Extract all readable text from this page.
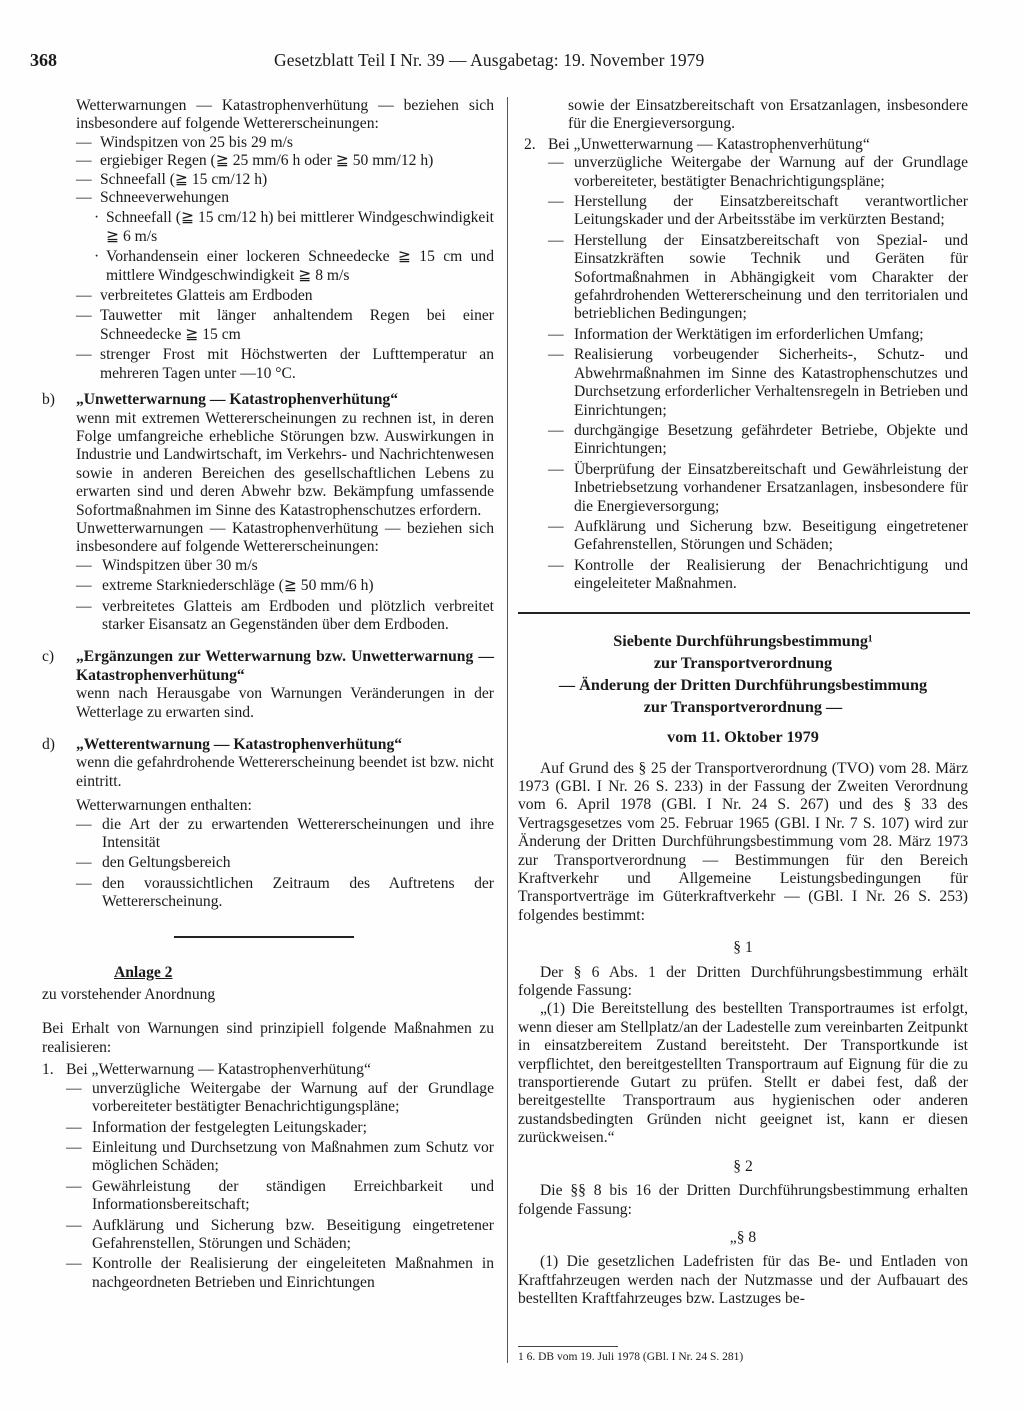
368	Gesetzblatt Teil I Nr. 39 — Ausgabetag: 19. November 1979

Wetterwarnungen — Katastrophenverhütung — beziehen sich insbesondere auf folgende Wettererscheinungen:

— Windspitzen von 25 bis 29 m/s
— ergiebiger Regen (≧ 25 mm/6 h oder ≧ 50 mm/12 h)
— Schneefall (≧ 15 cm/12 h)
— Schneeverwehungen
· Schneefall (≧ 15 cm/12 h) bei mittlerer Windgeschwindigkeit ≧ 6 m/s
· Vorhandensein einer lockeren Schneedecke ≧ 15 cm und mittlere Windgeschwindigkeit ≧ 8 m/s
— verbreitetes Glatteis am Erdboden
— Tauwetter mit länger anhaltendem Regen bei einer Schneedecke ≧ 15 cm
— strenger Frost mit Höchstwerten der Lufttemperatur an mehreren Tagen unter —10 °C.
b)	„Unwetterwarnung — Katastrophenverhütung“

wenn mit extremen Wettererscheinungen zu rechnen ist, in deren Folge umfangreiche erhebliche Störungen bzw. Auswirkungen in Industrie und Landwirtschaft, im Verkehrs- und Nachrichtenwesen sowie in anderen Bereichen des gesellschaftlichen Lebens zu erwarten sind und deren Abwehr bzw. Bekämpfung umfassende Sofortmaßnahmen im Sinne des Katastrophenschutzes erfordern.

Unwetterwarnungen — Katastrophenverhütung — beziehen sich insbesondere auf folgende Wettererscheinungen:

— Windspitzen über 30 m/s
— extreme Starkniederschläge (≧ 50 mm/6 h)
— verbreitetes Glatteis am Erdboden und plötzlich verbreitet starker Eisansatz an Gegenständen über dem Erdboden.
c)	„Ergänzungen zur Wetterwarnung bzw. Unwetterwarnung — Katastrophenverhütung“

wenn nach Herausgabe von Warnungen Veränderungen in der Wetterlage zu erwarten sind.

d)	„Wetterentwarnung — Katastrophenverhütung“

wenn die gefahrdrohende Wettererscheinung beendet ist bzw. nicht eintritt.

Wetterwarnungen enthalten:

— die Art der zu erwartenden Wettererscheinungen und ihre Intensität
— den Geltungsbereich
— den voraussichtlichen Zeitraum des Auftretens der Wettererscheinung.

Anlage 2

zu vorstehender Anordnung

Bei Erhalt von Warnungen sind prinzipiell folgende Maßnahmen zu realisieren:

1. Bei „Wetterwarnung — Katastrophenverhütung“

— unverzügliche Weitergabe der Warnung auf der Grundlage vorbereiteter bestätigter Benachrichtigungspläne;
— Information der festgelegten Leitungskader;
— Einleitung und Durchsetzung von Maßnahmen zum Schutz vor möglichen Schäden;
— Gewährleistung der ständigen Erreichbarkeit und Informationsbereitschaft;
— Aufklärung und Sicherung bzw. Beseitigung eingetretener Gefahrenstellen, Störungen und Schäden;
— Kontrolle der Realisierung der eingeleiteten Maßnahmen in nachgeordneten Betrieben und Einrichtungen

sowie der Einsatzbereitschaft von Ersatzanlagen, insbesondere für die Energieversorgung.

2. Bei „Unwetterwarnung — Katastrophenverhütung“

— unverzügliche Weitergabe der Warnung auf der Grundlage vorbereiteter, bestätigter Benachrichtigungspläne;
— Herstellung der Einsatzbereitschaft verantwortlicher Leitungskader und der Arbeitsstäbe im verkürzten Bestand;
— Herstellung der Einsatzbereitschaft von Spezial- und Einsatzkräften sowie Technik und Geräten für Sofortmaßnahmen in Abhängigkeit vom Charakter der gefahrdrohenden Wettererscheinung und den territorialen und betrieblichen Bedingungen;
— Information der Werktätigen im erforderlichen Umfang;
— Realisierung vorbeugender Sicherheits-, Schutz- und Abwehrmaßnahmen im Sinne des Katastrophenschutzes und Durchsetzung erforderlicher Verhaltensregeln in Betrieben und Einrichtungen;
— durchgängige Besetzung gefährdeter Betriebe, Objekte und Einrichtungen;
— Überprüfung der Einsatzbereitschaft und Gewährleistung der Inbetriebsetzung vorhandener Ersatzanlagen, insbesondere für die Energieversorgung;
— Aufklärung und Sicherung bzw. Beseitigung eingetretener Gefahrenstellen, Störungen und Schäden;
— Kontrolle der Realisierung der Benachrichtigung und eingeleiteter Maßnahmen.
Siebente Durchführungsbestimmung¹
zur Transportverordnung
— Änderung der Dritten Durchführungsbestimmung
zur Transportverordnung —
vom 11. Oktober 1979

Auf Grund des § 25 der Transportverordnung (TVO) vom 28. März 1973 (GBl. I Nr. 26 S. 233) in der Fassung der Zweiten Verordnung vom 6. April 1978 (GBl. I Nr. 24 S. 267) und des § 33 des Vertragsgesetzes vom 25. Februar 1965 (GBl. I Nr. 7 S. 107) wird zur Änderung der Dritten Durchführungsbestimmung vom 28. März 1973 zur Transportverordnung — Bestimmungen für den Bereich Kraftverkehr und Allgemeine Leistungsbedingungen für Transportverträge im Güterkraftverkehr — (GBl. I Nr. 26 S. 253) folgendes bestimmt:

§ 1

Der § 6 Abs. 1 der Dritten Durchführungsbestimmung erhält folgende Fassung:

„(1) Die Bereitstellung des bestellten Transportraumes ist erfolgt, wenn dieser am Stellplatz/an der Ladestelle zum vereinbarten Zeitpunkt in einsatzbereitem Zustand bereitsteht. Der Transportkunde ist verpflichtet, den bereitgestellten Transportraum auf Eignung für die zu transportierende Gutart zu prüfen. Stellt er dabei fest, daß der bereitgestellte Transportraum aus hygienischen oder anderen zustandsbedingten Gründen nicht geeignet ist, kann er diesen zurückweisen.“

§ 2

Die §§ 8 bis 16 der Dritten Durchführungsbestimmung erhalten folgende Fassung:

„§ 8

(1) Die gesetzlichen Ladefristen für das Be- und Entladen von Kraftfahrzeugen werden nach der Nutzmasse und der Aufbauart des bestellten Kraftfahrzeuges bzw. Lastzuges be-

1 6. DB vom 19. Juli 1978 (GBl. I Nr. 24 S. 281)
